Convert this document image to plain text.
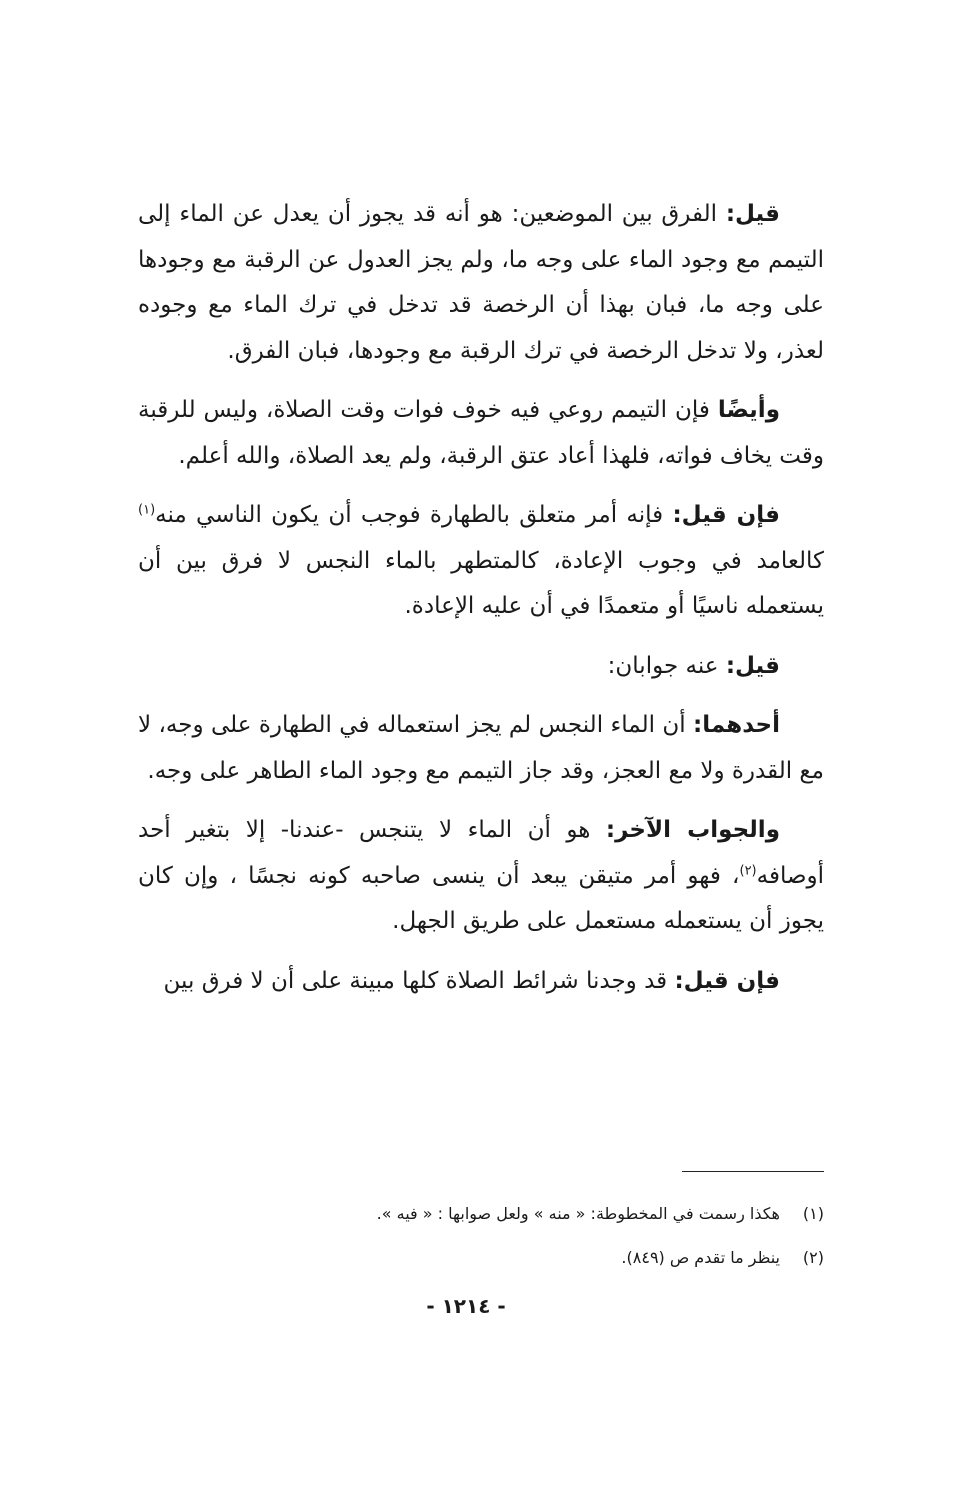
قيل: الفرق بين الموضعين: هو أنه قد يجوز أن يعدل عن الماء إلى التيمم مع وجود الماء على وجه ما، ولم يجز العدول عن الرقبة مع وجودها على وجه ما، فبان بهذا أن الرخصة قد تدخل في ترك الماء مع وجوده لعذر، ولا تدخل الرخصة في ترك الرقبة مع وجودها، فبان الفرق.

وأيضًا فإن التيمم روعي فيه خوف فوات وقت الصلاة، وليس للرقبة وقت يخاف فواته، فلهذا أعاد عتق الرقبة، ولم يعد الصلاة، والله أعلم.

فإن قيل: فإنه أمر متعلق بالطهارة فوجب أن يكون الناسي منه$^{(١)}$ كالعامد في وجوب الإعادة، كالمتطهر بالماء النجس لا فرق بين أن يستعمله ناسيًا أو متعمدًا في أن عليه الإعادة.

قيل: عنه جوابان:

أحدهما: أن الماء النجس لم يجز استعماله في الطهارة على وجه، لا مع القدرة ولا مع العجز، وقد جاز التيمم مع وجود الماء الطاهر على وجه.

والجواب الآخر: هو أن الماء لا يتنجس -عندنا- إلا بتغير أحد أوصافه$^{(٢)}$، فهو أمر متيقن يبعد أن ينسى صاحبه كونه نجسًا ، وإن كان يجوز أن يستعمله مستعمل على طريق الجهل.

فإن قيل: قد وجدنا شرائط الصلاة كلها مبينة على أن لا فرق بين

(١)
هكذا رسمت في المخطوطة: « منه » ولعل صوابها : « فيه ».
(٢)
ينظر ما تقدم ص (٨٤٩).
- ١٢١٤ -
